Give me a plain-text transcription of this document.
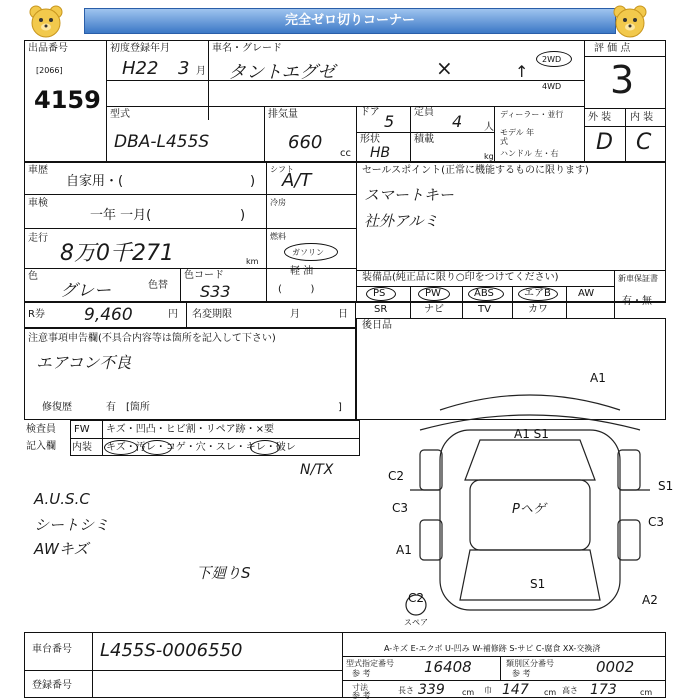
完全ゼロ切りコーナー
出品番号
[2066]
4159
初度登録年月
H22 3 月
車名・グレード
タントエグゼ	×	2WD
4WD
↑
評 価 点
3
外 装 内 装
D C
型式
DBA-L455S
排気量
660
cc
ドア 5 定員 4 人
形状
HB
積載
kg
ディーラー・並行
モデル 年式
ハンドル 左・右
車歴
自家用・(	)
シフト
A/T
車検
一年 一月(	)
冷房
走行
8万0千271	km
燃料
ガソリン
軽 油
(         )
色
グレー	色替
色コード
S33
セールスポイント(正常に機能するものに限ります)
スマートキー
社外アルミ
装備品(純正品に限り○印をつけてください)	新車保証書
有・無
PS	PW	ABS	エアB	AW
SR	ナビ	TV	カワ
R券 9,460	円 名変期限	月	日
後日品
注意事項申告欄(不具合内容等は箇所を記入して下さい)
エアコン不良
修復歴	有 [箇所	]
検査員
記入欄
FW キズ・凹凸・ヒビ割・リペア跡・×要
内装 キズ・汚レ・コゲ・穴・スレ・キレ・破レ
N/TX
A.U.S.C
シートシミ
AWキズ
下廻りS
A1
A1 S1
C2
C3
A1
C2
S1
C3
A2
Pヘゲ
S1
スペア
A-キズ E-エクボ U-凹み W-補修跡 S-サビ C-腐食 XX-交換済
車台番号 L455S-0006550
登録番号
型式指定番号
参 考	16408	類別区分番号
参 考	0002
寸法
参 考
長さ 339 cm 巾 147 cm 高さ 173	cm
